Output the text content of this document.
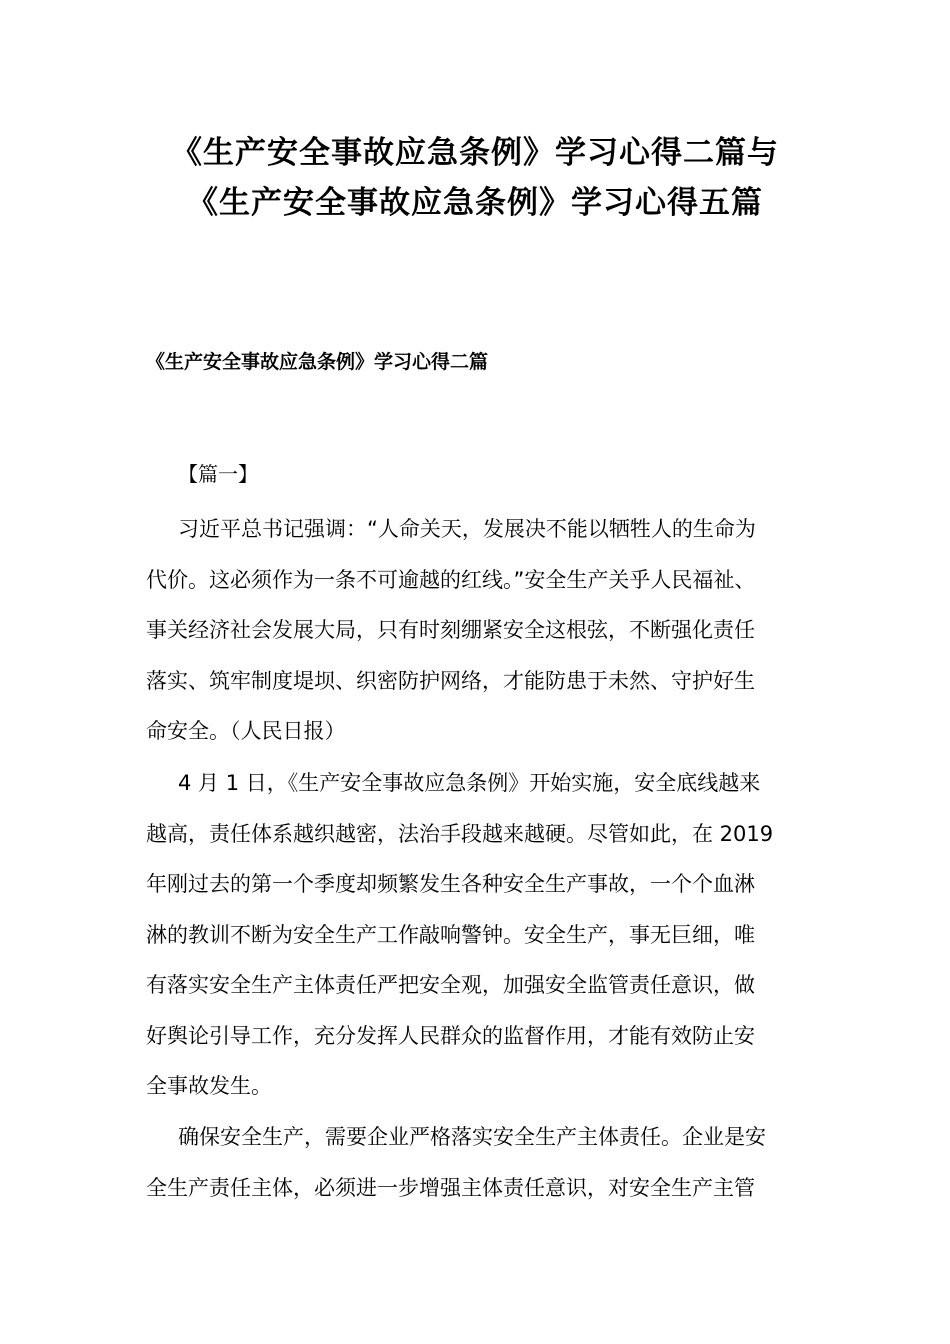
《生产安全事故应急条例》学习心得二篇与
《生产安全事故应急条例》学习心得五篇
《生产安全事故应急条例》学习心得二篇
【篇一】
习近平总书记强调：“人命关天，发展决不能以牺牲人的生命为
代价。这必须作为一条不可逾越的红线。”安全生产关乎人民福祉、
事关经济社会发展大局，只有时刻绷紧安全这根弦，不断强化责任
落实、筑牢制度堤坝、织密防护网络，才能防患于未然、守护好生
命安全。（人民日报）
4 月 1 日，《生产安全事故应急条例》开始实施，安全底线越来
越高，责任体系越织越密，法治手段越来越硬。尽管如此，在 2019
年刚过去的第一个季度却频繁发生各种安全生产事故，一个个血淋
淋的教训不断为安全生产工作敲响警钟。安全生产，事无巨细，唯
有落实安全生产主体责任严把安全观，加强安全监管责任意识，做
好舆论引导工作，充分发挥人民群众的监督作用，才能有效防止安
全事故发生。
确保安全生产，需要企业严格落实安全生产主体责任。企业是安
全生产责任主体，必须进一步增强主体责任意识，对安全生产主管
